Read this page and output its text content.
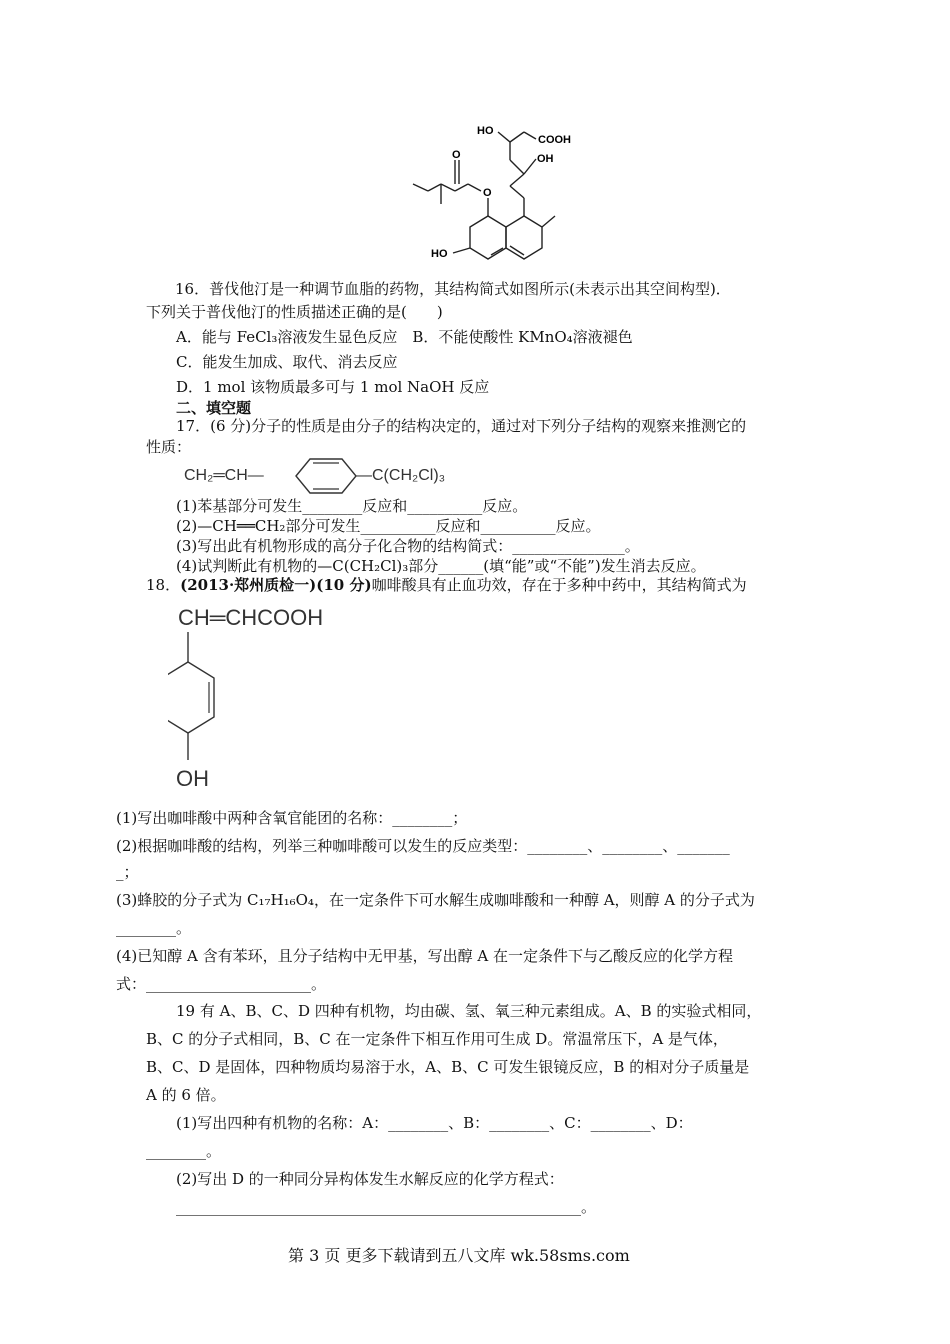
HO
COOH
OH
O
O
HO
16．普伐他汀是一种调节血脂的药物，其结构简式如图所示(未表示出其空间构型)．
下列关于普伐他汀的性质描述正确的是(　　)
A．能与 FeCl₃溶液发生显色反应　B．不能使酸性 KMnO₄溶液褪色
C．能发生加成、取代、消去反应
D．1 mol 该物质最多可与 1 mol NaOH 反应
二、填空题
17．(6 分)分子的性质是由分子的结构决定的，通过对下列分子结构的观察来推测它的
性质：
CH₂═CH—	—C(CH₂Cl)₃
(1)苯基部分可发生________反应和__________反应。
(2)—CH══CH₂部分可发生__________反应和__________反应。
(3)写出此有机物形成的高分子化合物的结构简式：_______________。
(4)试判断此有机物的—C(CH₂Cl)₃部分______(填“能”或“不能”)发生消去反应。
18．(2013·郑州质检一)(10 分)咖啡酸具有止血功效，存在于多种中药中，其结构简式为
CH═CHCOOH
OH
(1)写出咖啡酸中两种含氧官能团的名称：________；
(2)根据咖啡酸的结构，列举三种咖啡酸可以发生的反应类型：________、________、_______
_；
(3)蜂胶的分子式为 C₁₇H₁₆O₄，在一定条件下可水解生成咖啡酸和一种醇 A，则醇 A 的分子式为
________。
(4)已知醇 A 含有苯环，且分子结构中无甲基，写出醇 A 在一定条件下与乙酸反应的化学方程
式：______________________。
19 有 A、B、C、D 四种有机物，均由碳、氢、氧三种元素组成。A、B 的实验式相同，
B、C 的分子式相同，B、C 在一定条件下相互作用可生成 D。常温常压下，A 是气体，
B、C、D 是固体，四种物质均易溶于水，A、B、C 可发生银镜反应，B 的相对分子质量是
A 的 6 倍。
(1)写出四种有机物的名称：A：________、B：________、C：________、D：
________。
(2)写出 D 的一种同分异构体发生水解反应的化学方程式：
______________________________________________________。
第 3 页 更多下载请到五八文库 wk.58sms.com
